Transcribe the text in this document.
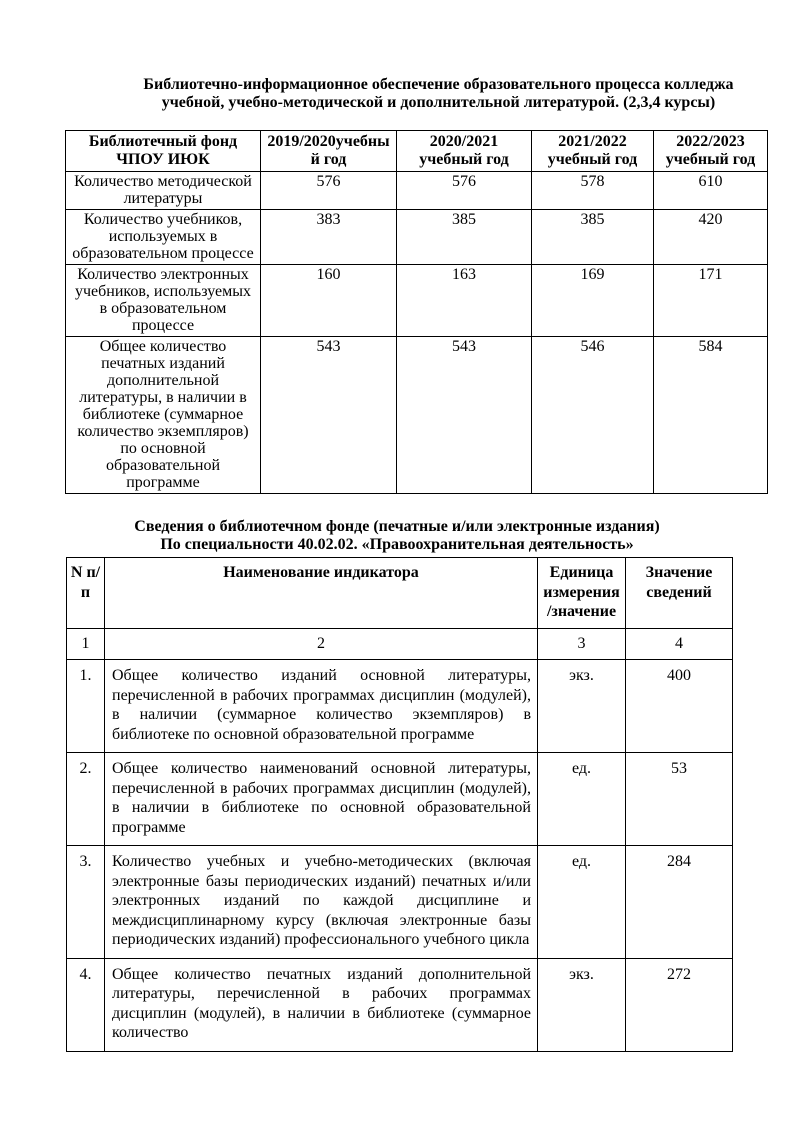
Библиотечно-информационное обеспечение образовательного процесса колледжа
учебной, учебно-методической и дополнительной литературой. (2,3,4 курсы)
Библиотечный фонд ЧПОУ ИЮК	2019/2020учебный год	2020/2021 учебный год	2021/2022 учебный год	2022/2023 учебный год
Количество методической литературы	576	576	578	610
Количество учебников, используемых в образовательном процессе	383	385	385	420
Количество электронных учебников, используемых в образовательном процессе	160	163	169	171
Общее количество печатных изданий дополнительной литературы, в наличии в библиотеке (суммарное количество экземпляров) по основной образовательной программе	543	543	546	584
Сведения о библиотечном фонде (печатные и/или электронные издания)
По специальности 40.02.02. «Правоохранительная деятельность»
N п/п	Наименование индикатора	Единица измерения /значение	Значение сведений
1	2	3	4
1.	Общее количество изданий основной литературы, перечисленной в рабочих программах дисциплин (модулей), в наличии (суммарное количество экземпляров) в библиотеке по основной образовательной программе	экз.	400
2.	Общее количество наименований основной литературы, перечисленной в рабочих программах дисциплин (модулей), в наличии в библиотеке по основной образовательной программе	ед.	53
3.	Количество учебных и учебно-методических (включая электронные базы периодических изданий) печатных и/или электронных изданий по каждой дисциплине и междисциплинарному курсу (включая электронные базы периодических изданий) профессионального учебного цикла	ед.	284
4.	Общее количество печатных изданий дополнительной литературы, перечисленной в рабочих программах дисциплин (модулей), в наличии в библиотеке (суммарное количество	экз.	272
